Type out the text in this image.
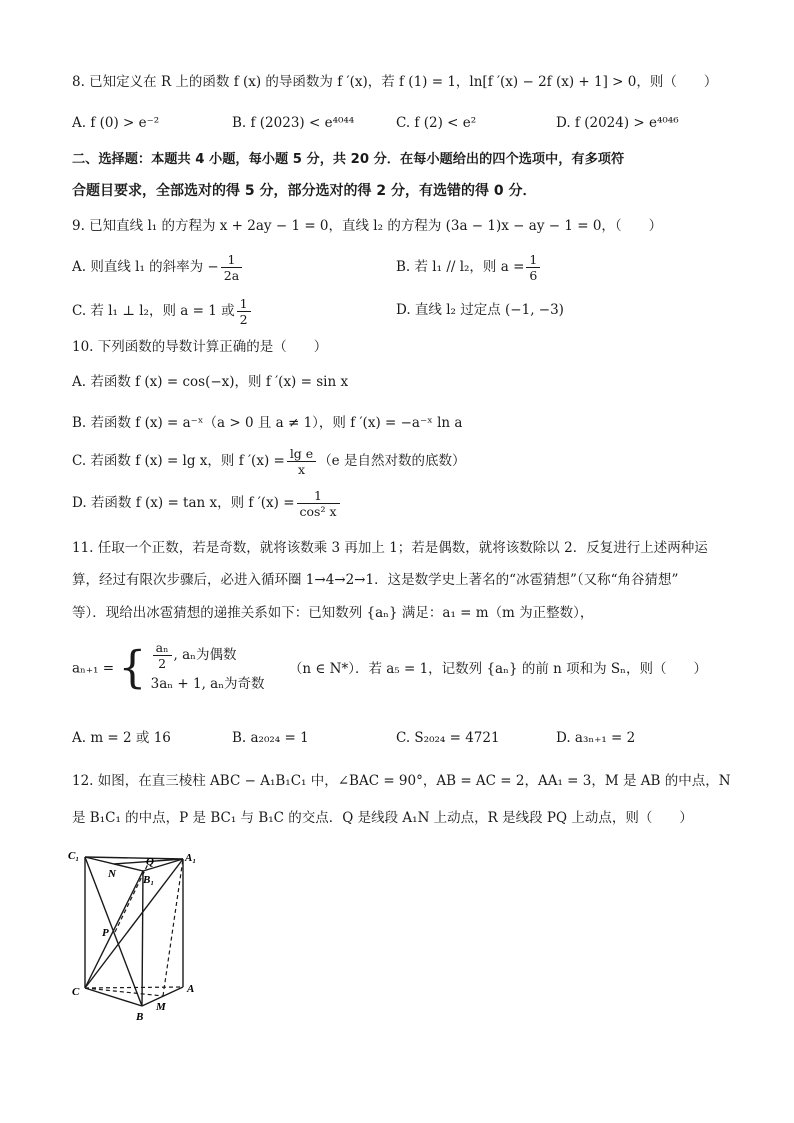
8. 已知定义在 R 上的函数 f (x) 的导函数为 f ′(x)，若 f (1) = 1，ln[f ′(x) − 2f (x) + 1] > 0，则（　　）
A. f (0) > e⁻²	B. f (2023) < e⁴⁰⁴⁴	C. f (2) < e²	D. f (2024) > e⁴⁰⁴⁶
二、选择题：本题共 4 小题，每小题 5 分，共 20 分．在每小题给出的四个选项中，有多项符
合题目要求，全部选对的得 5 分，部分选对的得 2 分，有选错的得 0 分．
9. 已知直线 l₁ 的方程为 x + 2ay − 1 = 0，直线 l₂ 的方程为 (3a − 1)x − ay − 1 = 0，（　　）
A. 则直线 l₁ 的斜率为 − $\frac{1}{2a}$	B. 若 l₁ // l₂，则 $a = \frac{1}{6}$
C. 若 l₁ ⊥ l₂，则 a = 1 或 $\frac{1}{2}$	D. 直线 l₂ 过定点 (−1, −3)
10. 下列函数的导数计算正确的是（　　）
A. 若函数 f (x) = cos(−x)，则 f ′(x) = sin x
B. 若函数 f (x) = a⁻ˣ（a > 0 且 a ≠ 1），则 f ′(x) = −a⁻ˣ ln a
C. 若函数 f (x) = lg x，则 f $'(x) = \frac{\text{lg e}}{x} (e$ 是自然对数的底数）
D. 若函数 f (x) = tan x，则 f $'(x) = \frac{1}{\text{cos² x}}$
11. 任取一个正数，若是奇数，就将该数乘 3 再加上 1；若是偶数，就将该数除以 2．反复进行上述两种运
算，经过有限次步骤后，必进入循环圈 1→4→2→1．这是数学史上著名的“冰雹猜想”（又称“角谷猜想”
等）．现给出冰雹猜想的递推关系如下：已知数列 {aₙ} 满足：a₁ = m（m 为正整数），
aₙ₊₁ = { $\frac{\text{aₙ}}{2}$ , aₙ为偶数
3aₙ + 1, aₙ为奇数
（n ∈ N*）．若 a₅ = 1，记数列 {aₙ} 的前 n 项和为 Sₙ，则（　　）
A. m = 2 或 16	B. a₂₀₂₄ = 1	C. S₂₀₂₄ = 4721	D. a₃ₙ₊₁ = 2
12. 如图，在直三棱柱 ABC − A₁B₁C₁ 中，∠BAC = 90°，AB = AC = 2，AA₁ = 3，M 是 AB 的中点，N
是 B₁C₁ 的中点，P 是 BC₁ 与 B₁C 的交点．Q 是线段 A₁N 上动点，R 是线段 PQ 上动点，则（　　）
C₁	A₁
Q
N B₁
P
C	A
M
B
